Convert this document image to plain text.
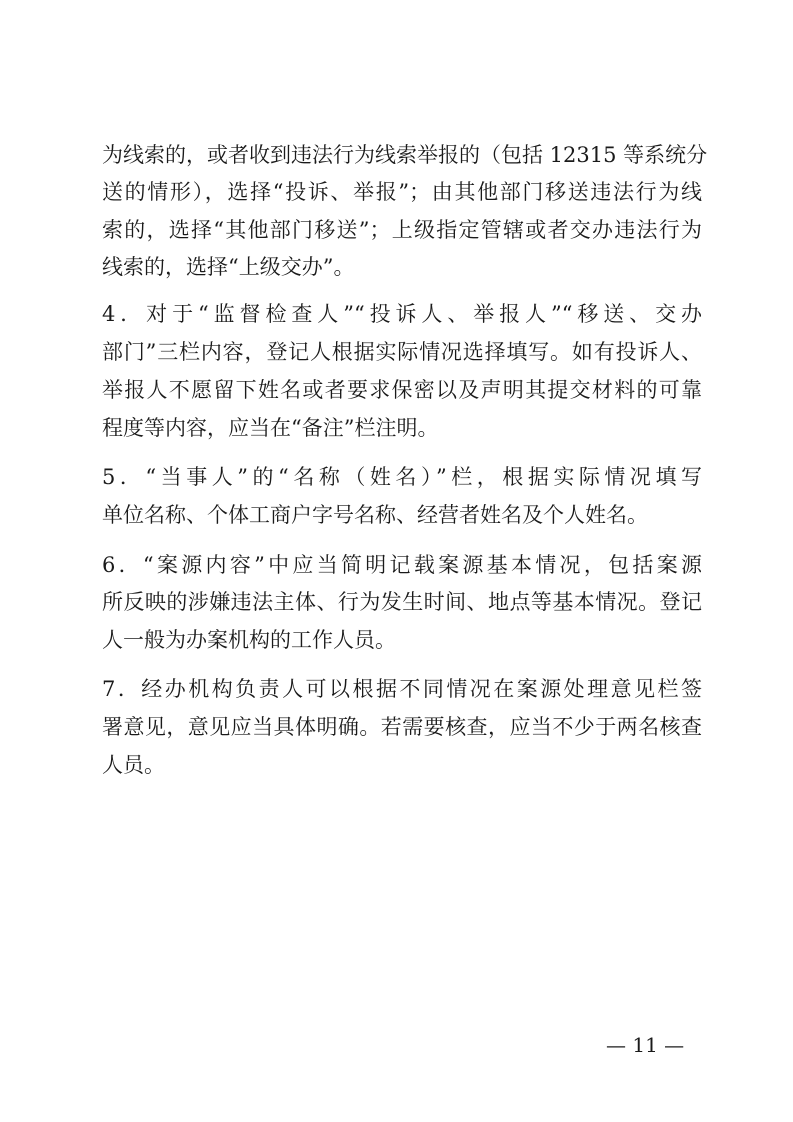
为线索的，或者收到违法行为线索举报的（包括 12315 等系统分
送的情形），选择“投诉、举报”；由其他部门移送违法行为线
索的，选择“其他部门移送”；上级指定管辖或者交办违法行为
线索的，选择“上级交办”。
4．对于“监督检查人”“投诉人、举报人”“移送、交办
部门”三栏内容，登记人根据实际情况选择填写。如有投诉人、
举报人不愿留下姓名或者要求保密以及声明其提交材料的可靠
程度等内容，应当在“备注”栏注明。
5．“当事人”的“名称（姓名）”栏，根据实际情况填写
单位名称、个体工商户字号名称、经营者姓名及个人姓名。
6．“案源内容”中应当简明记载案源基本情况，包括案源
所反映的涉嫌违法主体、行为发生时间、地点等基本情况。登记
人一般为办案机构的工作人员。
7．经办机构负责人可以根据不同情况在案源处理意见栏签
署意见，意见应当具体明确。若需要核查，应当不少于两名核查
人员。
— 11 —
